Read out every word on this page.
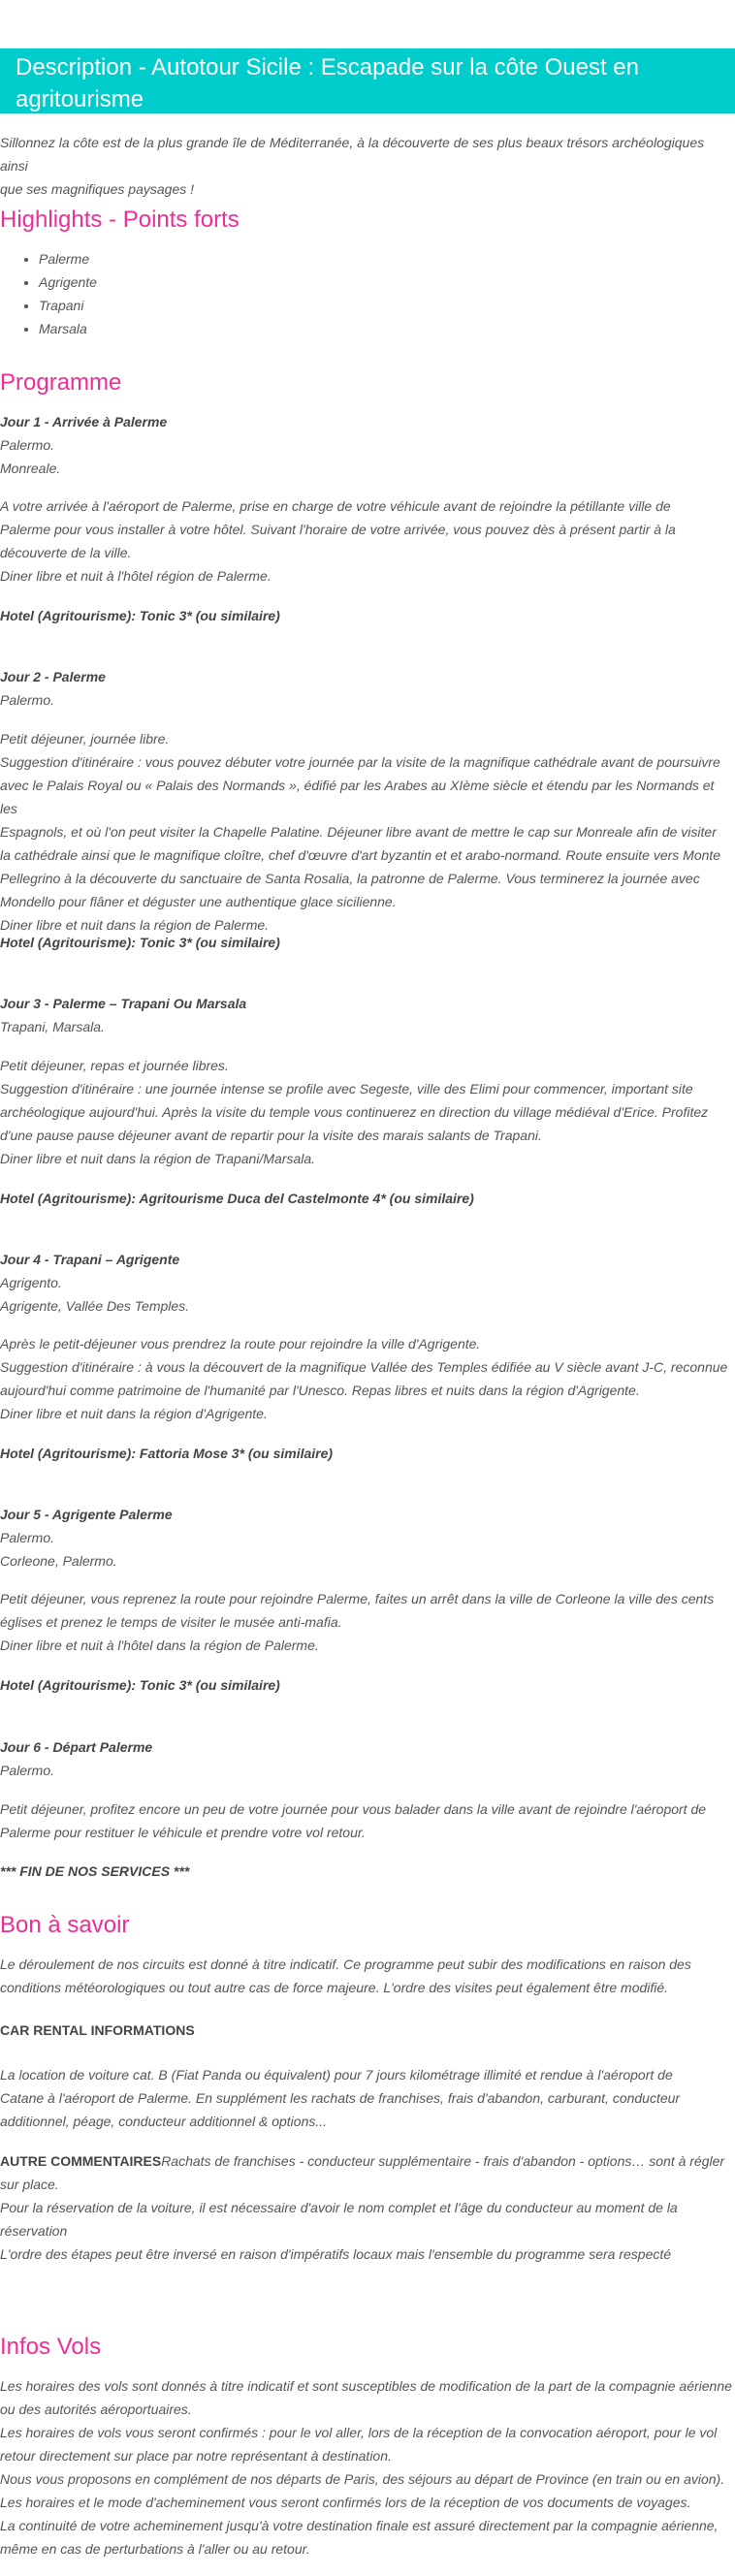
Description - Autotour Sicile : Escapade sur la côte Ouest en agritourisme
Sillonnez la côte est de la plus grande île de Méditerranée, à la découverte de ses plus beaux trésors archéologiques ainsi
que ses magnifiques paysages !
Highlights - Points forts
• Palerme
• Agrigente
• Trapani
• Marsala
Programme
Jour 1 - Arrivée à Palerme
Palermo.
Monreale.
A votre arrivée à l'aéroport de Palerme, prise en charge de votre véhicule avant de rejoindre la pétillante ville de
Palerme pour vous installer à votre hôtel. Suivant l'horaire de votre arrivée, vous pouvez dès à présent partir à la
découverte de la ville.
Diner libre et nuit à l'hôtel région de Palerme.
Hotel (Agritourisme): Tonic 3* (ou similaire)
Jour 2 - Palerme
Palermo.
Petit déjeuner, journée libre.
Suggestion d'itinéraire : vous pouvez débuter votre journée par la visite de la magnifique cathédrale avant de poursuivre
avec le Palais Royal ou « Palais des Normands », édifié par les Arabes au XIème siècle et étendu par les Normands et les
Espagnols, et où l'on peut visiter la Chapelle Palatine. Déjeuner libre avant de mettre le cap sur Monreale afin de visiter
la cathédrale ainsi que le magnifique cloître, chef d'œuvre d'art byzantin et et arabo-normand. Route ensuite vers Monte
Pellegrino à la découverte du sanctuaire de Santa Rosalia, la patronne de Palerme. Vous terminerez la journée avec
Mondello pour flâner et déguster une authentique glace sicilienne.
Diner libre et nuit dans la région de Palerme.
Hotel (Agritourisme): Tonic 3* (ou similaire)
Jour 3 - Palerme – Trapani Ou Marsala
Trapani, Marsala.
Petit déjeuner, repas et journée libres.
Suggestion d'itinéraire : une journée intense se profile avec Segeste, ville des Elimi pour commencer, important site
archéologique aujourd'hui. Après la visite du temple vous continuerez en direction du village médiéval d'Erice. Profitez
d'une pause pause déjeuner avant de repartir pour la visite des marais salants de Trapani.
Diner libre et nuit dans la région de Trapani/Marsala.
Hotel (Agritourisme): Agritourisme Duca del Castelmonte 4* (ou similaire)
Jour 4 - Trapani – Agrigente
Agrigento.
Agrigente, Vallée Des Temples.
Après le petit-déjeuner vous prendrez la route pour rejoindre la ville d'Agrigente.
Suggestion d'itinéraire : à vous la découvert de la magnifique Vallée des Temples édifiée au V siècle avant J-C, reconnue
aujourd'hui comme patrimoine de l'humanité par l'Unesco. Repas libres et nuits dans la région d'Agrigente.
Diner libre et nuit dans la région d'Agrigente.
Hotel (Agritourisme): Fattoria Mose 3* (ou similaire)
Jour 5 - Agrigente Palerme
Palermo.
Corleone, Palermo.
Petit déjeuner, vous reprenez la route pour rejoindre Palerme, faites un arrêt dans la ville de Corleone la ville des cents
églises et prenez le temps de visiter le musée anti-mafia.
Diner libre et nuit à l'hôtel dans la région de Palerme.
Hotel (Agritourisme): Tonic 3* (ou similaire)
Jour 6 - Départ Palerme
Palermo.
Petit déjeuner, profitez encore un peu de votre journée pour vous balader dans la ville avant de rejoindre l'aéroport de
Palerme pour restituer le véhicule et prendre votre vol retour.
*** FIN DE NOS SERVICES ***
Bon à savoir
Le déroulement de nos circuits est donné à titre indicatif. Ce programme peut subir des modifications en raison des
conditions météorologiques ou tout autre cas de force majeure. L'ordre des visites peut également être modifié.
CAR RENTAL INFORMATIONS
La location de voiture cat. B (Fiat Panda ou équivalent) pour 7 jours kilométrage illimité et rendue à l'aéroport de
Catane à l'aéroport de Palerme. En supplément les rachats de franchises, frais d'abandon, carburant, conducteur
additionnel, péage, conducteur additionnel & options...
AUTRE COMMENTAIRESRachats de franchises - conducteur supplémentaire - frais d'abandon - options… sont à régler
sur place.
Pour la réservation de la voiture, il est nécessaire d'avoir le nom complet et l'âge du conducteur au moment de la
réservation
L'ordre des étapes peut être inversé en raison d'impératifs locaux mais l'ensemble du programme sera respecté
Infos Vols
Les horaires des vols sont donnés à titre indicatif et sont susceptibles de modification de la part de la compagnie aérienne
ou des autorités aéroportuaires.
Les horaires de vols vous seront confirmés : pour le vol aller, lors de la réception de la convocation aéroport, pour le vol
retour directement sur place par notre représentant à destination.
Nous vous proposons en complément de nos départs de Paris, des séjours au départ de Province (en train ou en avion).
Les horaires et le mode d'acheminement vous seront confirmés lors de la réception de vos documents de voyages.
La continuité de votre acheminement jusqu'à votre destination finale est assuré directement par la compagnie aérienne,
même en cas de perturbations à l'aller ou au retour.
